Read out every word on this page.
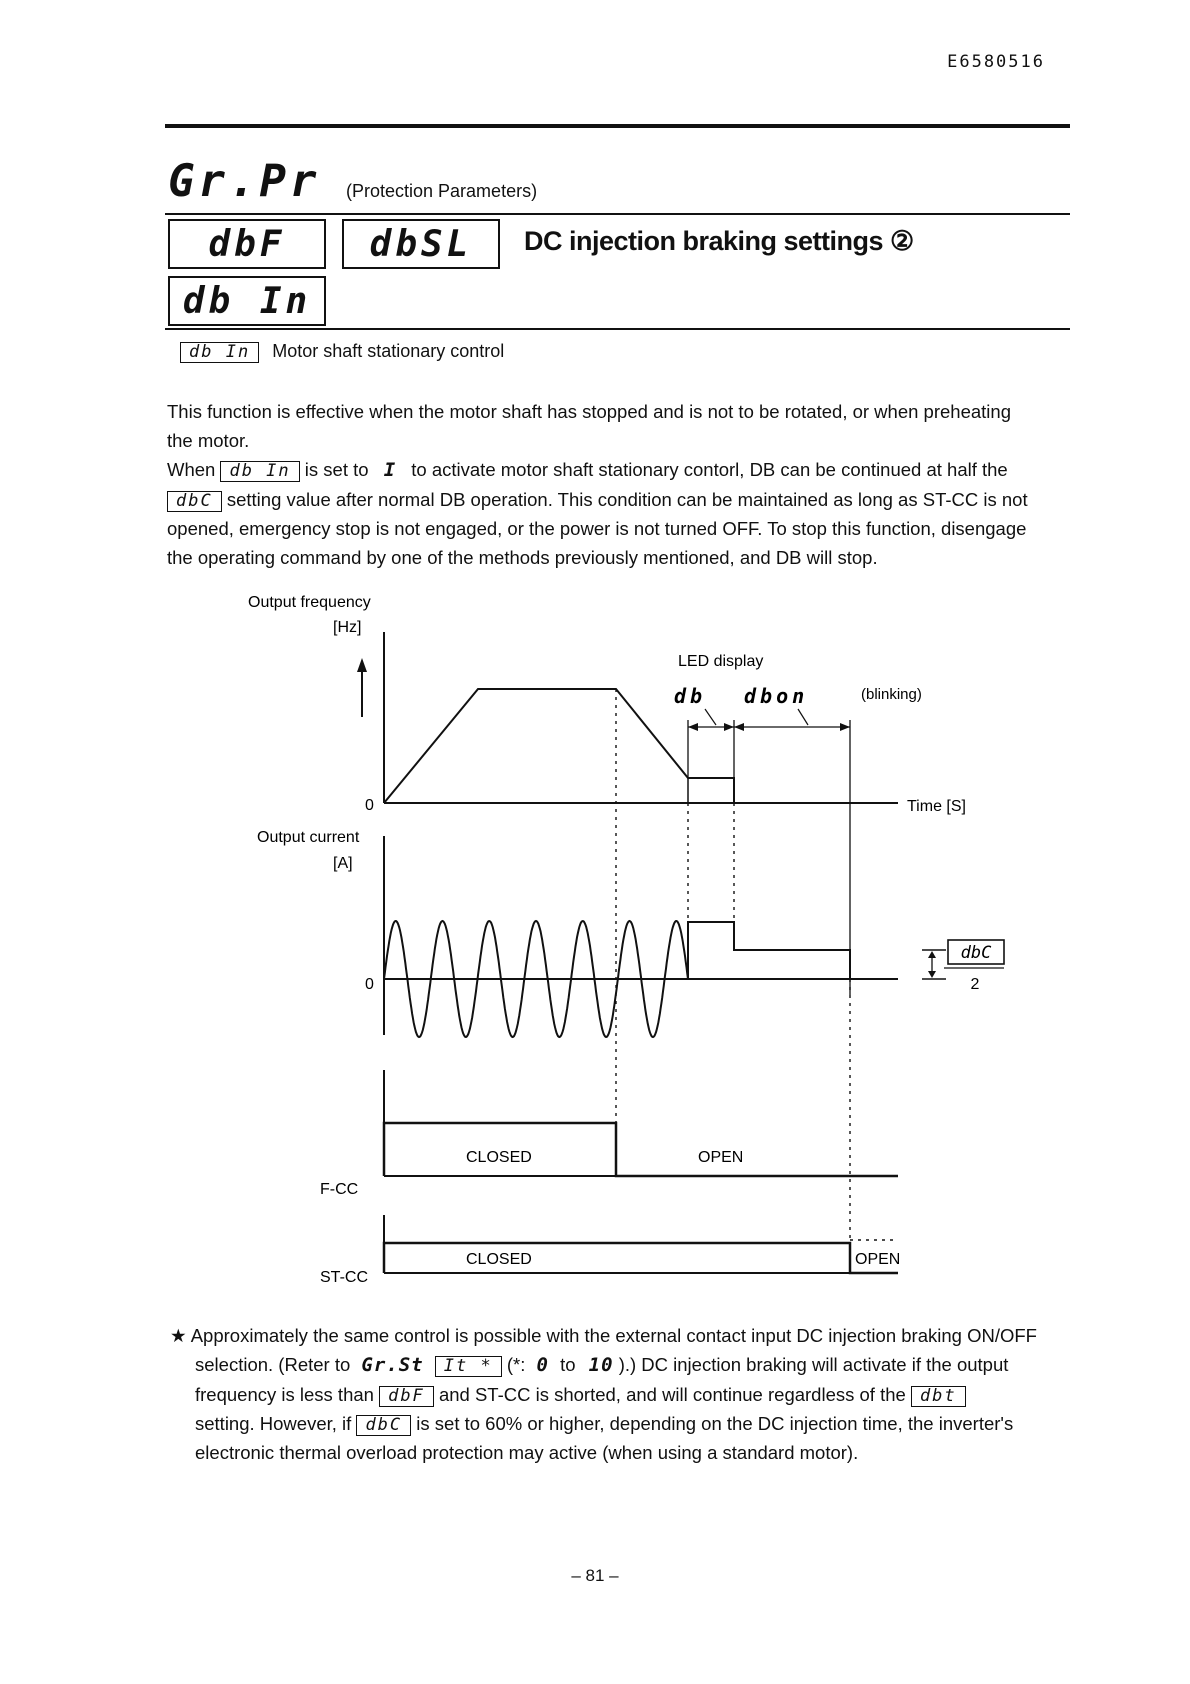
E6580516
Gr.Pr (Protection Parameters)
dbF	dbSL	DC injection braking settings ②
db In
db In Motor shaft stationary control

This function is effective when the motor shaft has stopped and is not to be rotated, or when preheating

the motor.

When db In is set to I to activate motor shaft stationary contorl, DB can be continued at half the

dbC setting value after normal DB operation. This condition can be maintained as long as ST-CC is not

opened, emergency stop is not engaged, or the power is not turned OFF. To stop this function, disengage

the operating command by one of the methods previously mentioned, and DB will stop.

Output frequency
[Hz]
0	Time [S]
LED display
db dbon	(blinking)
Output current
[A]
0
dbC
2
CLOSED	OPEN
F-CC
CLOSED	OPEN
ST-CC
★ Approximately the same control is possible with the external contact input DC injection braking ON/OFF
selection. (Reter to Gr.St It * (*: 0 to 10 ).) DC injection braking will activate if the output
frequency is less than dbF and ST-CC is shorted, and will continue regardless of the dbt
setting. However, if dbC is set to 60% or higher, depending on the DC injection time, the inverter's
electronic thermal overload protection may active (when using a standard motor).
– 81 –
